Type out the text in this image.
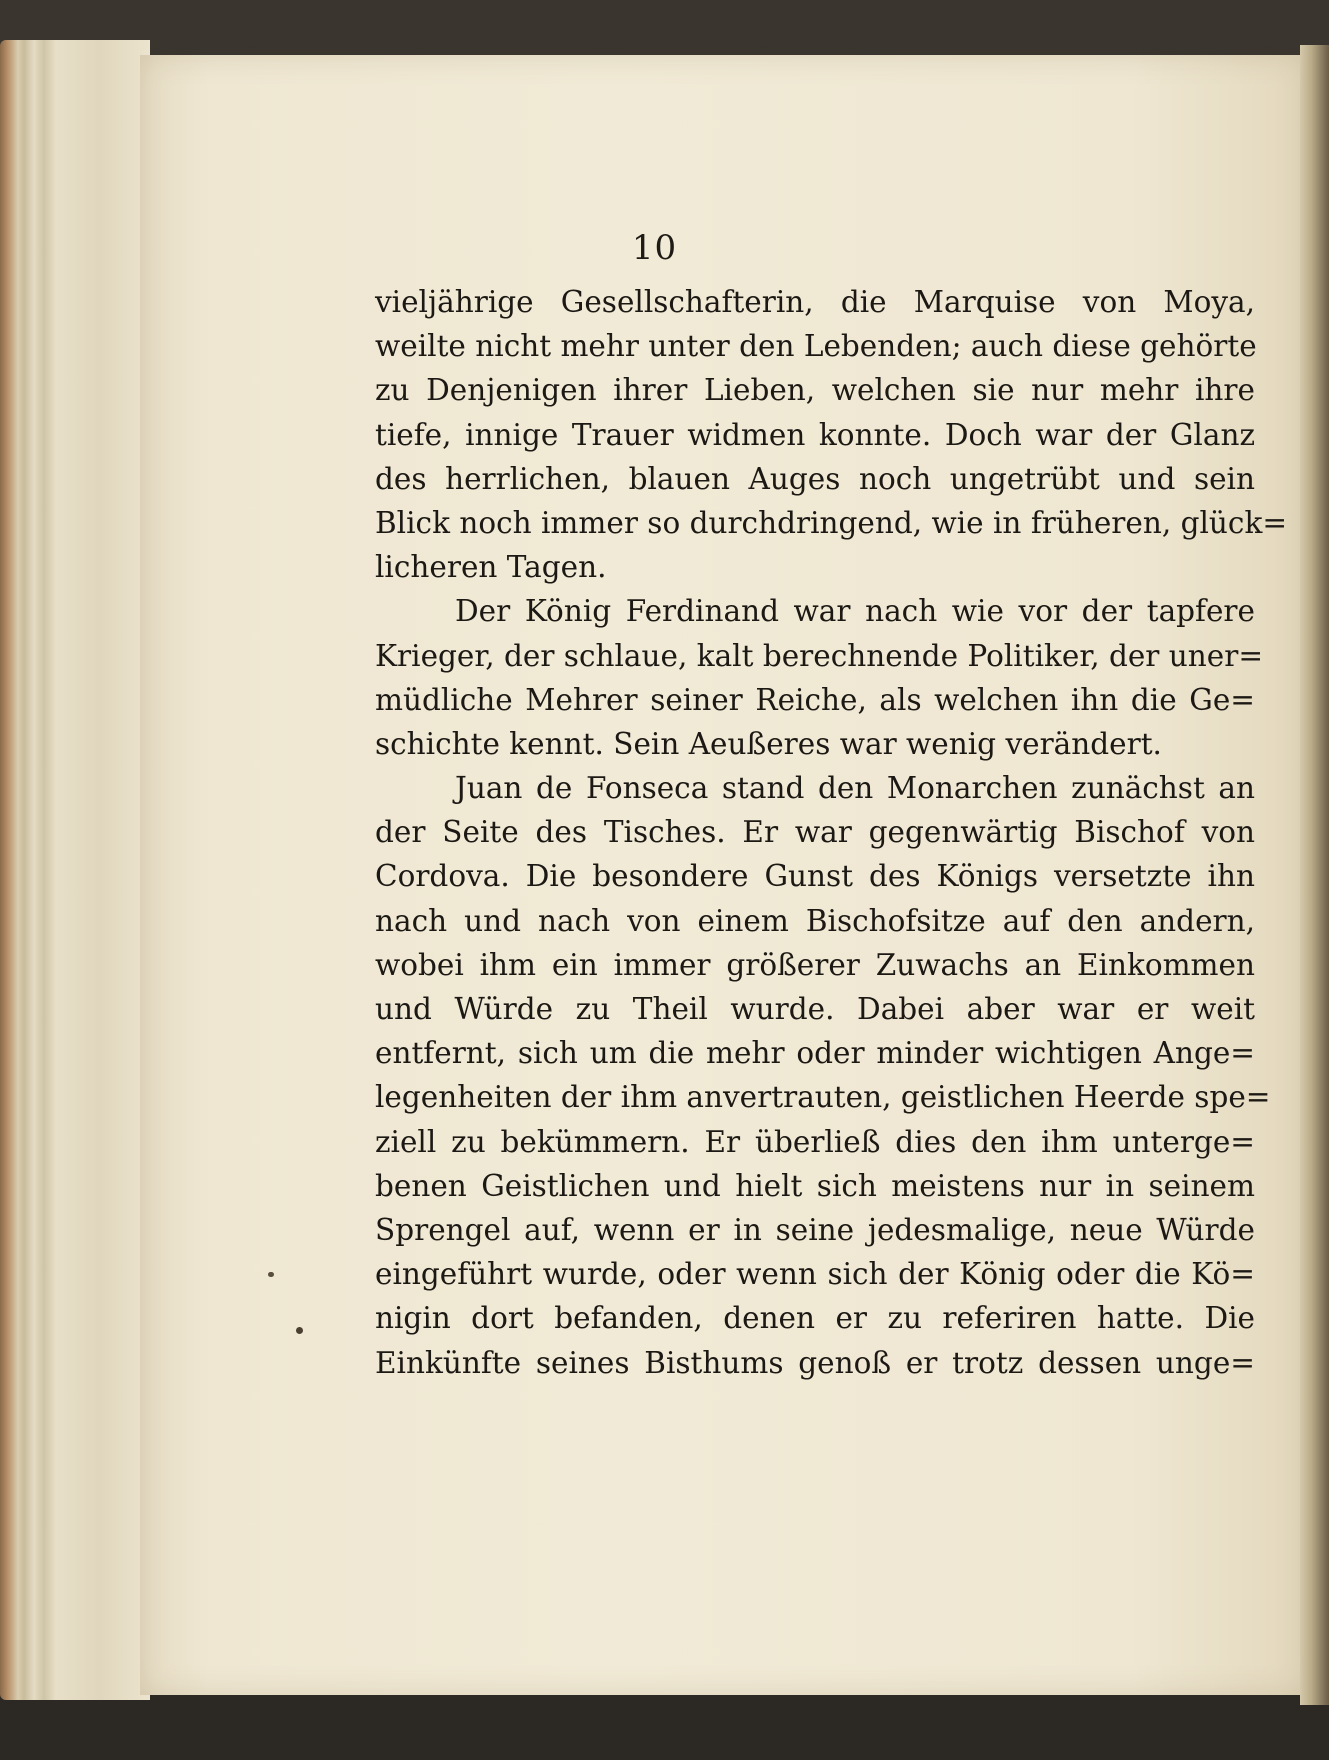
10
vieljährige Gesellschafterin, die Marquise von Moya,
weilte nicht mehr unter den Lebenden; auch diese gehörte
zu Denjenigen ihrer Lieben, welchen sie nur mehr ihre
tiefe, innige Trauer widmen konnte. Doch war der Glanz
des herrlichen, blauen Auges noch ungetrübt und sein
Blick noch immer so durchdringend, wie in früheren, glück=
licheren Tagen.
Der König Ferdinand war nach wie vor der tapfere
Krieger, der schlaue, kalt berechnende Politiker, der uner=
müdliche Mehrer seiner Reiche, als welchen ihn die Ge=
schichte kennt. Sein Aeußeres war wenig verändert.
Juan de Fonseca stand den Monarchen zunächst an
der Seite des Tisches. Er war gegenwärtig Bischof von
Cordova. Die besondere Gunst des Königs versetzte ihn
nach und nach von einem Bischofsitze auf den andern,
wobei ihm ein immer größerer Zuwachs an Einkommen
und Würde zu Theil wurde. Dabei aber war er weit
entfernt, sich um die mehr oder minder wichtigen Ange=
legenheiten der ihm anvertrauten, geistlichen Heerde spe=
ziell zu bekümmern. Er überließ dies den ihm unterge=
benen Geistlichen und hielt sich meistens nur in seinem
Sprengel auf, wenn er in seine jedesmalige, neue Würde
eingeführt wurde, oder wenn sich der König oder die Kö=
nigin dort befanden, denen er zu referiren hatte. Die
Einkünfte seines Bisthums genoß er trotz dessen unge=
